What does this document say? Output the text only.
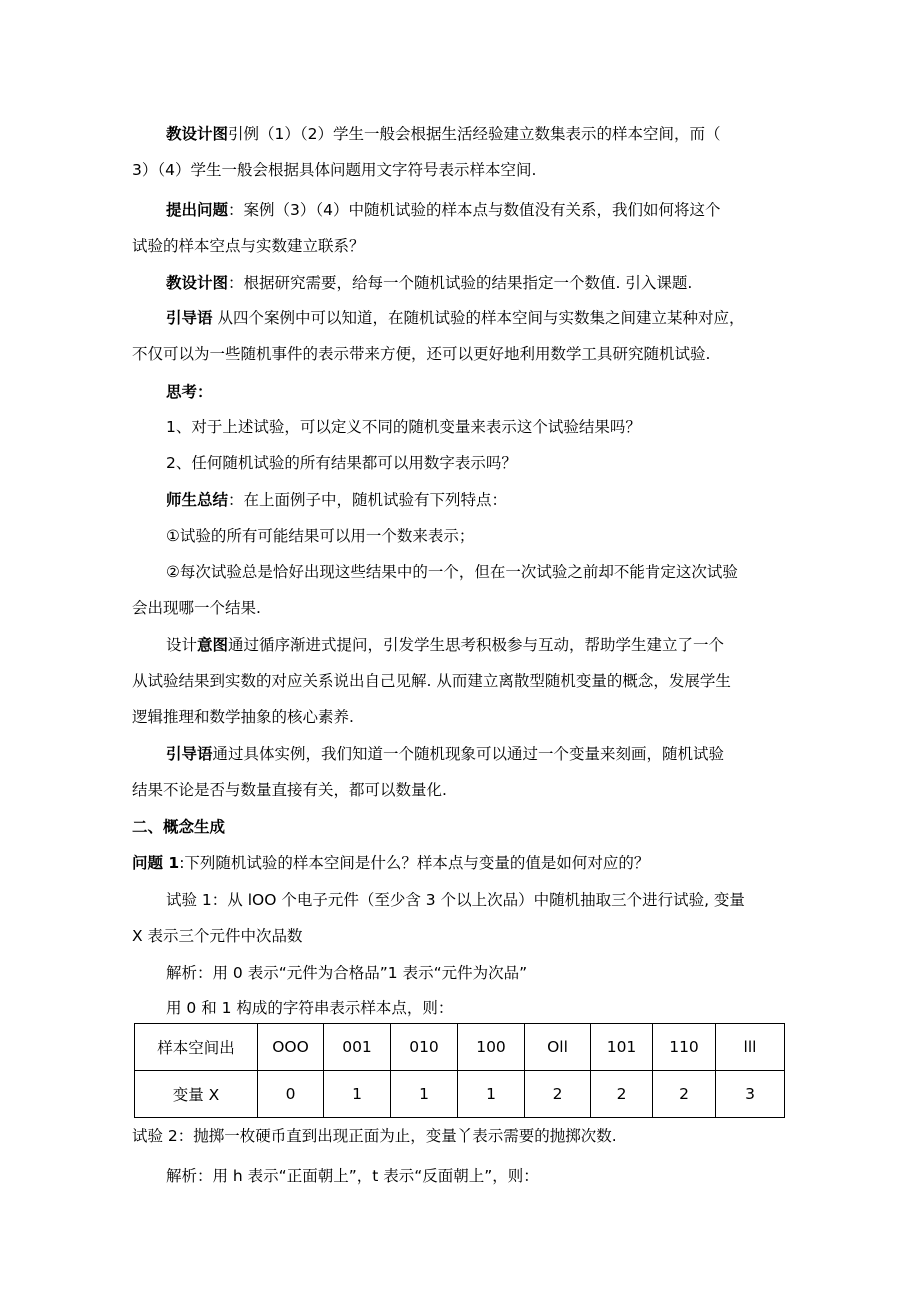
教设计图引例（1）（2）学生一般会根据生活经验建立数集表示的样本空间，而（
3）（4）学生一般会根据具体问题用文字符号表示样本空间.
提出问题：案例（3）（4）中随机试验的样本点与数值没有关系，我们如何将这个
试验的样本空点与实数建立联系？
教设计图：根据研究需要，给每一个随机试验的结果指定一个数值. 引入课题.
引导语 从四个案例中可以知道，在随机试验的样本空间与实数集之间建立某种对应，
不仅可以为一些随机事件的表示带来方便，还可以更好地利用数学工具研究随机试验.
思考：
1、对于上述试验，可以定义不同的随机变量来表示这个试验结果吗？
2、任何随机试验的所有结果都可以用数字表示吗？
师生总结：在上面例子中，随机试验有下列特点：
①试验的所有可能结果可以用一个数来表示；
②每次试验总是恰好出现这些结果中的一个，但在一次试验之前却不能肯定这次试验
会出现哪一个结果.
设计意图通过循序渐进式提问，引发学生思考积极参与互动，帮助学生建立了一个
从试验结果到实数的对应关系说出自己见解. 从而建立离散型随机变量的概念，发展学生
逻辑推理和数学抽象的核心素养.
引导语通过具体实例，我们知道一个随机现象可以通过一个变量来刻画，随机试验
结果不论是否与数量直接有关，都可以数量化.
二、概念生成
问题 1:下列随机试验的样本空间是什么？样本点与变量的值是如何对应的？
试验 1：从 lOO 个电子元件（至少含 3 个以上次品）中随机抽取三个进行试验, 变量
X 表示三个元件中次品数
解析：用 0 表示“元件为合格品”1 表示“元件为次品”
用 0 和 1 构成的字符串表示样本点，则：
样本空间出	OOO	001	010	100	Oll	101	110	lll
变量 X	0	1	1	1	2	2	2	3
试验 2：抛掷一枚硬币直到出现正面为止，变量丫表示需要的抛掷次数.
解析：用 h 表示“正面朝上”，t 表示“反面朝上”，则：
